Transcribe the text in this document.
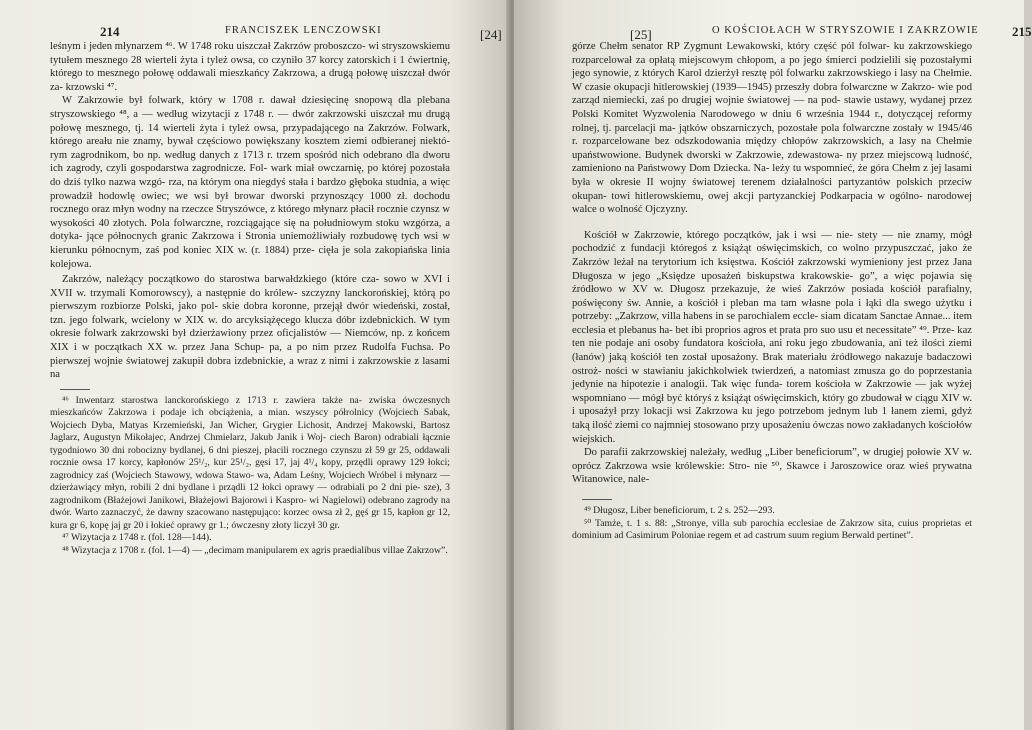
214	FRANCISZEK LENCZOWSKI	[24]

leśnym i jeden młynarzem ⁴⁶. W 1748 roku uiszczał Zakrzów proboszczo- wi stryszowskiemu tytułem mesznego 28 wierteli żyta i tyleż owsa, co czyniło 37 korcy zatorskich i 1 ćwiertnię, którego to mesznego połowę oddawali mieszkańcy Zakrzowa, a drugą połowę uiszczał dwór za- krzowski ⁴⁷.

W Zakrzowie był folwark, który w 1708 r. dawał dziesięcinę snopową dla plebana stryszowskiego ⁴⁸, a — według wizytacji z 1748 r. — dwór zakrzowski uiszczał mu drugą połowę mesznego, tj. 14 wierteli żyta i tyleż owsa, przypadającego na Zakrzów. Folwark, którego areału nie znamy, bywał częściowo powiększany kosztem ziemi odbieranej niektó- rym zagrodnikom, bo np. według danych z 1713 r. trzem spośród nich odebrano dla dworu ich zagrody, czyli gospodarstwa zagrodnicze. Fol- wark miał owczarnię, po której pozostała do dziś tylko nazwa wzgó- rza, na którym ona niegdyś stała i bardzo głęboka studnia, a więc prowadził hodowlę owiec; we wsi był browar dworski przynoszący 1000 zł. dochodu rocznego oraz młyn wodny na rzeczce Stryszówce, z którego młynarz płacił rocznie czynsz w wysokości 40 złotych. Pola folwarczne, rozciągające się na południowym stoku wzgórza, a dotyka- jące północnych granic Zakrzowa i Stronia uniemożliwiały rozbudowę tych wsi w kierunku północnym, zaś pod koniec XIX w. (r. 1884) prze- cięła je sola zakopiańska linia kolejowa.

Zakrzów, należący początkowo do starostwa barwałdzkiego (które cza- sowo w XVI i XVII w. trzymali Komorowscy), a następnie do królew- szczyzny lanckorońskiej, którą po pierwszym rozbiorze Polski, jako pol- skie dobra koronne, przejął dwór wiedeński, został, tzn. jego folwark, wcielony w XIX w. do arcyksiążęcego klucza dóbr izdebnickich. W tym okresie folwark zakrzowski był dzierżawiony przez oficjalistów — Niemców, np. z końcem XIX i w początkach XX w. przez Jana Schup- pa, a po nim przez Rudolfa Fuchsa. Po pierwszej wojnie światowej zakupił dobra izdebnickie, a wraz z nimi i zakrzowskie z lasami na

⁴⁶ Inwentarz starostwa lanckorońskiego z 1713 r. zawiera także na- zwiska ówczesnych mieszkańców Zakrzowa i podaje ich obciążenia, a mian. wszyscy półrolnicy (Wojciech Sabak, Wojciech Dyba, Matyas Krzemieński, Jan Wicher, Grygier Lichosit, Andrzej Makowski, Bartosz Jaglarz, Augustyn Mikołajec, Andrzej Chmielarz, Jakub Janik i Woj- ciech Baron) odrabiali łącznie tygodniowo 30 dni robocizny bydlanej, 6 dni pieszej, płacili rocznego czynszu zł 59 gr 25, oddawali rocznie owsa 17 korcy, kapłonów 25¹/₂, kur 25¹/₂, gęsi 17, jaj 4¹/₄ kopy, przędli oprawy 129 łokci; zagrodnicy zaś (Wojciech Stawowy, wdowa Stawo- wa, Adam Leśny, Wojciech Wróbel i młynarz — dzierżawiący młyn, robili 2 dni bydlane i prządli 12 łokci oprawy — odrabiali po 2 dni pie- sze), 3 zagrodnikom (Błażejowi Janikowi, Błażejowi Bajorowi i Kaspro- wi Nagielowi) odebrano zagrody na dwór. Warto zaznaczyć, że dawny szacowano następująco: korzec owsa zł 2, gęś gr 15, kapłon gr 12, kura gr 6, kopę jaj gr 20 i łokieć oprawy gr 1.; ówczesny złoty liczył 30 gr.

⁴⁷ Wizytacja z 1748 r. (fol. 128—144).

⁴⁸ Wizytacja z 1708 r. (fol. 1—4) — „decimam manipularem ex agris praedialibus villae Zakrzow”.

[25]	O KOŚCIOŁACH W STRYSZOWIE I ZAKRZOWIE	215

górze Chełm senator RP Zygmunt Lewakowski, który część pól folwar- ku zakrzowskiego rozparcelował za opłatą miejscowym chłopom, a po jego śmierci podzielili się pozostałymi jego synowie, z których Karol dzierżył resztę pól folwarku zakrzowskiego i lasy na Chełmie. W czasie okupacji hitlerowskiej (1939—1945) przeszły dobra folwarczne w Zakrzo- wie pod zarząd niemiecki, zaś po drugiej wojnie światowej — na pod- stawie ustawy, wydanej przez Polski Komitet Wyzwolenia Narodowego w dniu 6 września 1944 r., dotyczącej reformy rolnej, tj. parcelacji ma- jątków obszarniczych, pozostałe pola folwarczne zostały w 1945/46 r. rozparcelowane bez odszkodowania między chłopów zakrzowskich, a lasy na Chełmie upaństwowione. Budynek dworski w Zakrzowie, zdewastowa- ny przez miejscową ludność, zamieniono na Państwowy Dom Dziecka. Na- leży tu wspomnieć, że góra Chełm z jej lasami była w okresie II wojny światowej terenem działalności partyzantów polskich przeciw okupan- towi hitlerowskiemu, owej akcji partyzanckiej Podkarpacia w ogólno- narodowej walce o wolność Ojczyzny.

Kościół w Zakrzowie, którego początków, jak i wsi — nie- stety — nie znamy, mógł pochodzić z fundacji któregoś z książąt oświęcimskich, co wolno przypuszczać, jako że Zakrzów leżał na terytorium ich księstwa. Kościół zakrzowski wymieniony jest przez Jana Długosza w jego „Księdze uposażeń biskupstwa krakowskie- go”, a więc pojawia się źródłowo w XV w. Długosz przekazuje, że wieś Zakrzów posiada kościół parafialny, poświęcony św. Annie, a kościół i pleban ma tam własne pola i łąki dla swego użytku i potrzeby: „Zakrzow, villa habens in se parochialem eccle- siam dicatam Sanctae Annae... item ecclesia et plebanus ha- bet ibi proprios agros et prata pro suo usu et necessitate” ⁴⁹. Prze- kaz ten nie podaje ani osoby fundatora kościoła, ani roku jego zbudowania, ani też ilości ziemi (łanów) jaką kościół ten został uposażony. Brak materiału źródłowego nakazuje badaczowi ostroż- ności w stawianiu jakichkolwiek twierdzeń, a natomiast zmusza go do poprzestania jedynie na hipotezie i analogii. Tak więc funda- torem kościoła w Zakrzowie — jak wyżej wspomniano — mógł być któryś z książąt oświęcimskich, który go zbudował w ciągu XIV w. i uposażył przy lokacji wsi Zakrzowa ku jego potrzebom jednym lub 1 łanem ziemi, gdyż taką ilość ziemi co najmniej stosowano przy uposażeniu ówczas nowo zakładanych kościołów wiejskich.

Do parafii zakrzowskiej należały, według „Liber beneficiorum”, w drugiej połowie XV w. oprócz Zakrzowa wsie królewskie: Stro- nie ⁵⁰, Skawce i Jaroszowice oraz wieś prywatna Witanowice, nale-

⁴⁹ Długosz, Liber beneficiorum, t. 2 s. 252—293.

⁵⁰ Tamże, t. 1 s. 88: „Stronye, villa sub parochia ecclesiae de Zakrzow sita, cuius proprietas et dominium ad Casimirum Poloniae regem et ad castrum suum regium Berwald pertinet”.
